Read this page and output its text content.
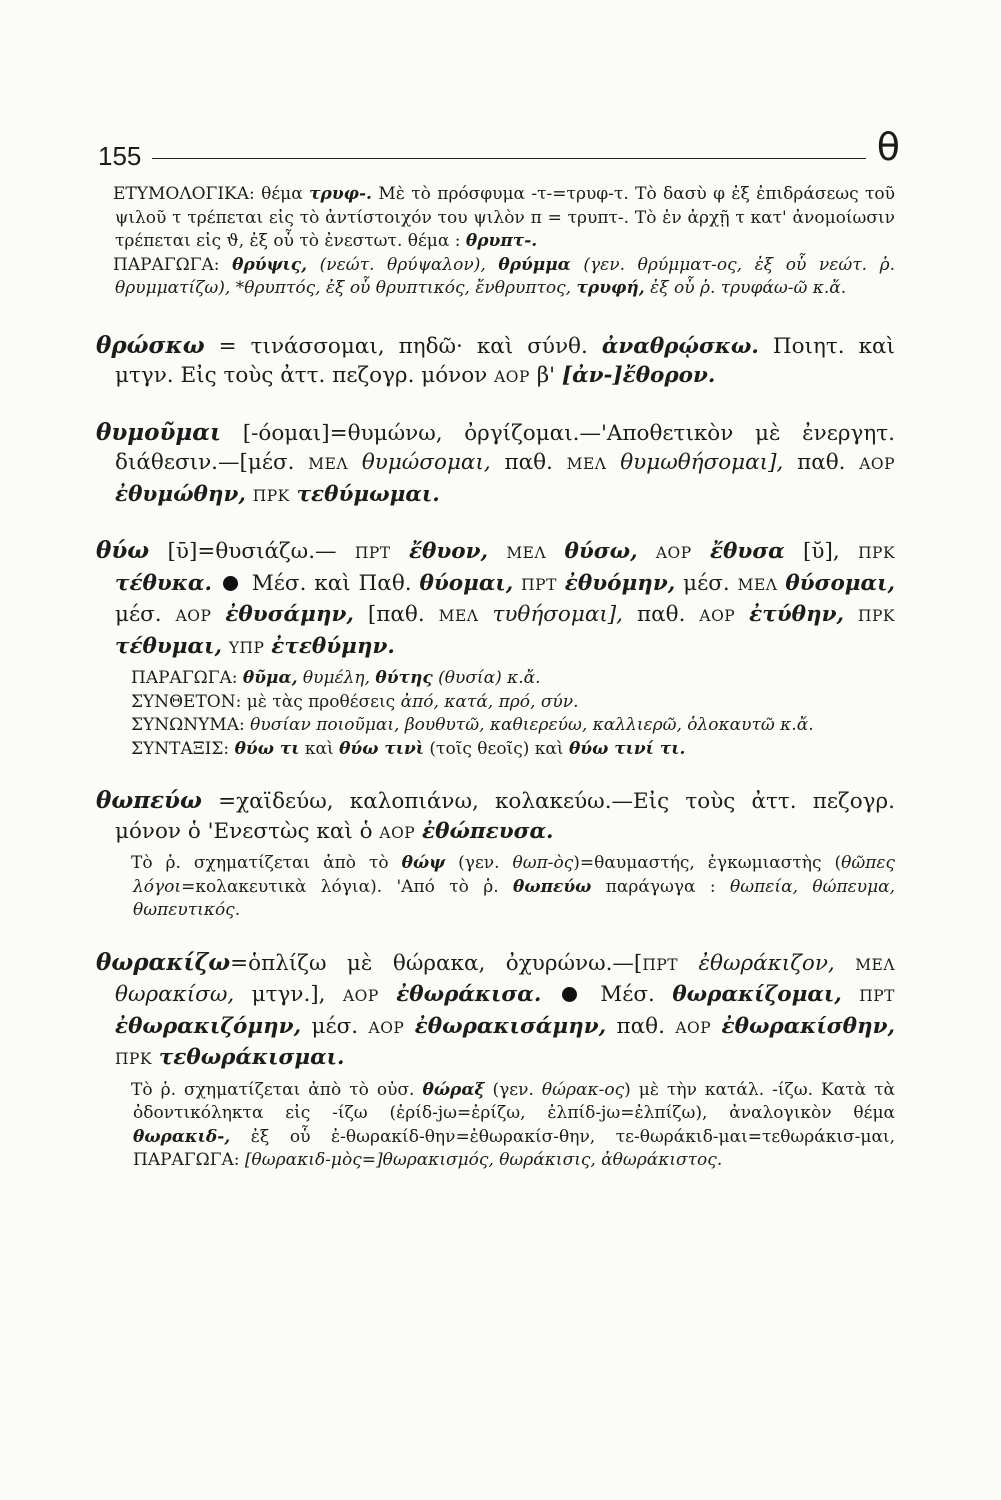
155	θ

ΕΤΥΜΟΛΟΓΙΚΑ: θέμα τρυφ-. Μὲ τὸ πρόσφυμα -τ-=τρυφ-τ. Τὸ δασὺ φ ἐξ ἐπιδράσεως τοῦ ψιλοῦ τ τρέπεται εἰς τὸ ἀντίστοιχόν του ψιλὸν π = τρυπτ-. Τὸ ἐν ἀρχῇ τ κατ' ἀνομοίωσιν τρέπεται εἰς ϑ, ἐξ οὗ τὸ ἐνεστωτ. θέμα : θρυπτ-.

ΠΑΡΑΓΩΓΑ: θρύψις, (νεώτ. θρύψαλον), θρύμμα (γεν. θρύμματ-ος, ἐξ οὗ νεώτ. ῥ. θρυμματίζω), *θρυπτός, ἐξ οὗ θρυπτικός, ἔνθρυπτος, τρυφή, ἐξ οὗ ῥ. τρυφάω-ῶ κ.ἄ.

θρώσκω = τινάσσομαι, πηδῶ· καὶ σύνθ. ἀναθρῴσκω. Ποιητ. καὶ μτγν. Εἰς τοὺς ἀττ. πεζογρ. μόνον ΑΟΡ β' [ἀν-]ἔθορον.

θυμοῦμαι [-όομαι]=θυμώνω, ὀργίζομαι.—'Αποθετικὸν μὲ ἐνεργητ. διάθεσιν.—[μέσ. ΜΕΛ θυμώσομαι, παθ. ΜΕΛ θυμωθήσομαι], παθ. ΑΟΡ ἐθυμώθην, ΠΡΚ τεθύμωμαι.

θύω [ῡ]=θυσιάζω.— ΠΡΤ ἔθυον, ΜΕΛ θύσω, ΑΟΡ ἔθυσα [ῠ], ΠΡΚ τέθυκα. Μέσ. καὶ Παθ. θύομαι, ΠΡΤ ἐθυόμην, μέσ. ΜΕΛ θύσομαι, μέσ. ΑΟΡ ἐθυσάμην, [παθ. ΜΕΛ τυθήσομαι], παθ. ΑΟΡ ἐτύθην, ΠΡΚ τέθυμαι, ΥΠΡ ἐτεθύμην.

ΠΑΡΑΓΩΓΑ: θῦμα, θυμέλη, θύτης (θυσία) κ.ἄ.

ΣΥΝΘΕΤΟΝ: μὲ τὰς προθέσεις ἀπό, κατά, πρό, σύν.

ΣΥΝΩΝΥΜΑ: θυσίαν ποιοῦμαι, βουθυτῶ, καθιερεύω, καλλιερῶ, ὁλοκαυτῶ κ.ἄ.

ΣΥΝΤΑΞΙΣ: θύω τι καὶ θύω τινὶ (τοῖς θεοῖς) καὶ θύω τινί τι.

θωπεύω =χαϊδεύω, καλοπιάνω, κολακεύω.—Εἰς τοὺς ἀττ. πεζογρ. μόνον ὁ 'Ενεστὼς καὶ ὁ ΑΟΡ ἐθώπευσα.

Τὸ ῥ. σχηματίζεται ἀπὸ τὸ θώψ (γεν. θωπ-ὸς)=θαυμαστής, ἐγκωμιαστὴς (θῶπες λόγοι=κολακευτικὰ λόγια). 'Από τὸ ῥ. θωπεύω παράγωγα : θωπεία, θώπευμα, θωπευτικός.

θωρακίζω=ὁπλίζω μὲ θώρακα, ὀχυρώνω.—[ΠΡΤ ἐθωράκιζον, ΜΕΛ θωρακίσω, μτγν.], ΑΟΡ ἐθωράκισα.	Μέσ. θωρακίζομαι, ΠΡΤ ἐθωρακιζόμην, μέσ. ΑΟΡ ἐθωρακισάμην, παθ. ΑΟΡ ἐθωρακίσθην, ΠΡΚ τεθωράκισμαι.

Τὸ ῥ. σχηματίζεται ἀπὸ τὸ οὐσ. θώραξ (γεν. θώρακ-ος) μὲ τὴν κατάλ. -ίζω. Κατὰ τὰ ὀδοντικόληκτα εἰς -ίζω (ἐρίδ-jω=ἐρίζω, ἐλπίδ-jω=ἐλπίζω), ἀναλογικὸν θέμα θωρακιδ-, ἐξ οὗ ἐ-θωρακίδ-θην=ἐθωρακίσ-θην, τε-θωράκιδ-μαι=τεθωράκισ-μαι, ΠΑΡΑΓΩΓΑ: [θωρακιδ-μὸς=]θωρακισμός, θωράκισις, ἀθωράκιστος.
